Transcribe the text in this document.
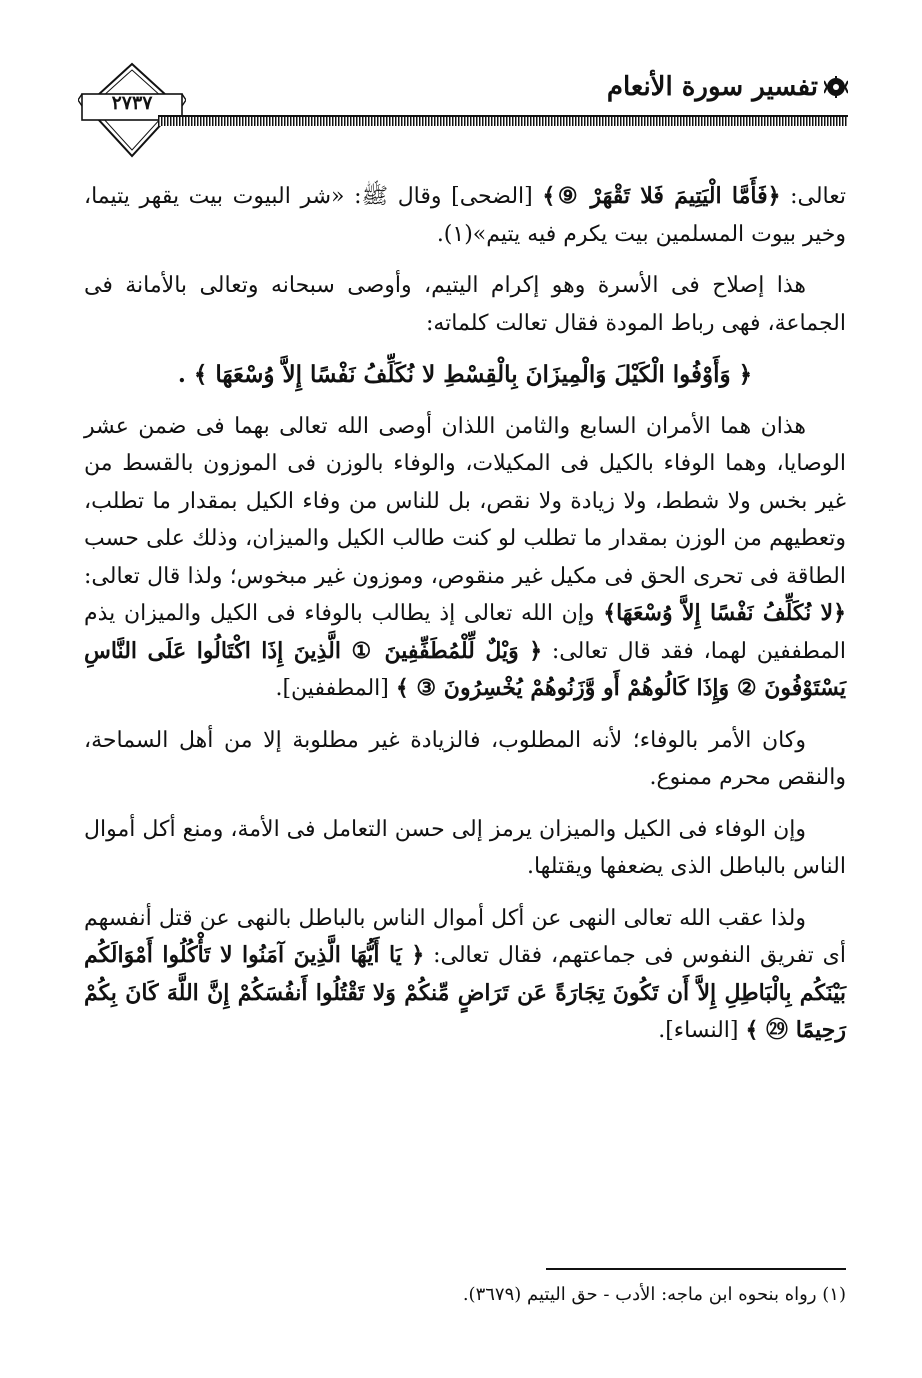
٢٧٣٧
تفسير سورة الأنعام

تعالى: ﴿فَأَمَّا الْيَتِيمَ فَلا تَقْهَرْ ⑨﴾ [الضحى] وقال ﷺ: «شر البيوت بيت يقهر يتيما، وخير بيوت المسلمين بيت يكرم فيه يتيم»(١).

هذا إصلاح فى الأسرة وهو إكرام اليتيم، وأوصى سبحانه وتعالى بالأمانة فى الجماعة، فهى رباط المودة فقال تعالت كلماته:

﴿ وَأَوْفُوا الْكَيْلَ وَالْمِيزَانَ بِالْقِسْطِ لا نُكَلِّفُ نَفْسًا إِلاَّ وُسْعَهَا ﴾ .

هذان هما الأمران السابع والثامن اللذان أوصى الله تعالى بهما فى ضمن عشر الوصايا، وهما الوفاء بالكيل فى المكيلات، والوفاء بالوزن فى الموزون بالقسط من غير بخس ولا شطط، ولا زيادة ولا نقص، بل للناس من وفاء الكيل بمقدار ما تطلب، وتعطيهم من الوزن بمقدار ما تطلب لو كنت طالب الكيل والميزان، وذلك على حسب الطاقة فى تحرى الحق فى مكيل غير منقوص، وموزون غير مبخوس؛ ولذا قال تعالى: ﴿لا نُكَلِّفُ نَفْسًا إِلاَّ وُسْعَهَا﴾ وإن الله تعالى إذ يطالب بالوفاء فى الكيل والميزان يذم المطففين لهما، فقد قال تعالى: ﴿ وَيْلٌ لِّلْمُطَفِّفِينَ ① الَّذِينَ إِذَا اكْتَالُوا عَلَى النَّاسِ يَسْتَوْفُونَ ② وَإِذَا كَالُوهُمْ أَو وَّزَنُوهُمْ يُخْسِرُونَ ③ ﴾ [المطففين].

وكان الأمر بالوفاء؛ لأنه المطلوب، فالزيادة غير مطلوبة إلا من أهل السماحة، والنقص محرم ممنوع.

وإن الوفاء فى الكيل والميزان يرمز إلى حسن التعامل فى الأمة، ومنع أكل أموال الناس بالباطل الذى يضعفها ويقتلها.

ولذا عقب الله تعالى النهى عن أكل أموال الناس بالباطل بالنهى عن قتل أنفسهم أى تفريق النفوس فى جماعتهم، فقال تعالى: ﴿ يَا أَيُّهَا الَّذِينَ آمَنُوا لا تَأْكُلُوا أَمْوَالَكُم بَيْنَكُم بِالْبَاطِلِ إِلاَّ أَن تَكُونَ تِجَارَةً عَن تَرَاضٍ مِّنكُمْ وَلا تَقْتُلُوا أَنفُسَكُمْ إِنَّ اللَّهَ كَانَ بِكُمْ رَحِيمًا ㉙ ﴾ [النساء].

(١) رواه بنحوه ابن ماجه: الأدب - حق اليتيم (٣٦٧٩).
